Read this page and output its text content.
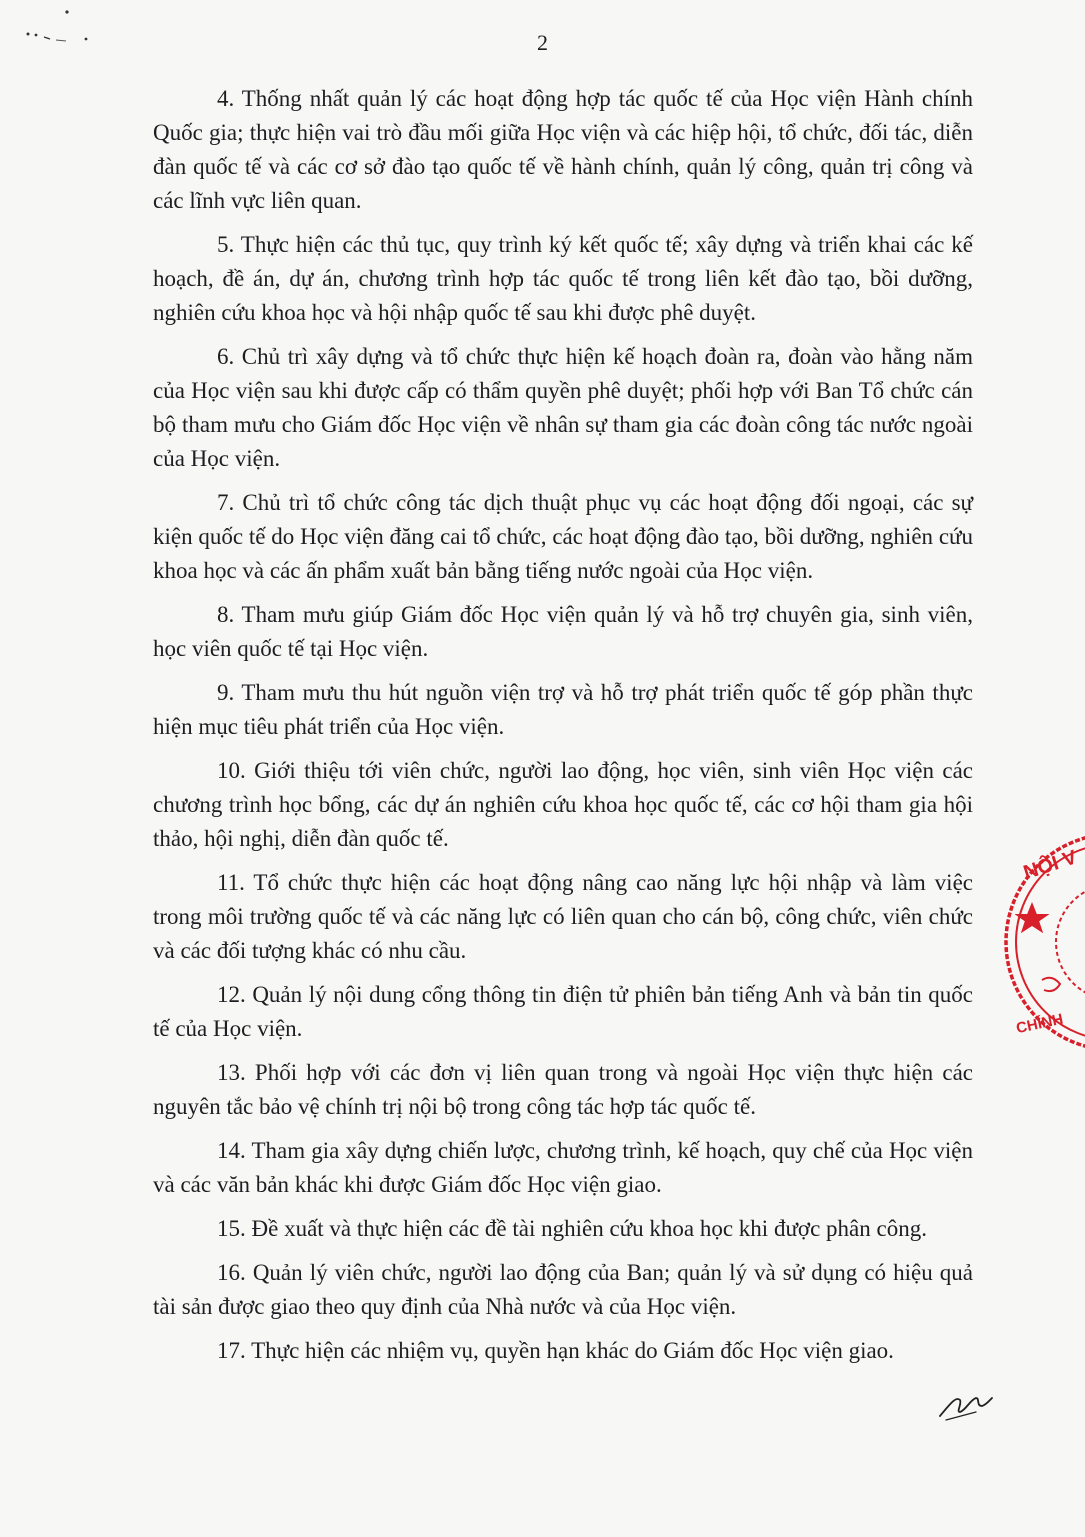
2

4. Thống nhất quản lý các hoạt động hợp tác quốc tế của Học viện Hành chính Quốc gia; thực hiện vai trò đầu mối giữa Học viện và các hiệp hội, tổ chức, đối tác, diễn đàn quốc tế và các cơ sở đào tạo quốc tế về hành chính, quản lý công, quản trị công và các lĩnh vực liên quan.

5. Thực hiện các thủ tục, quy trình ký kết quốc tế; xây dựng và triển khai các kế hoạch, đề án, dự án, chương trình hợp tác quốc tế trong liên kết đào tạo, bồi dưỡng, nghiên cứu khoa học và hội nhập quốc tế sau khi được phê duyệt.

6. Chủ trì xây dựng và tổ chức thực hiện kế hoạch đoàn ra, đoàn vào hằng năm của Học viện sau khi được cấp có thẩm quyền phê duyệt; phối hợp với Ban Tổ chức cán bộ tham mưu cho Giám đốc Học viện về nhân sự tham gia các đoàn công tác nước ngoài của Học viện.

7. Chủ trì tổ chức công tác dịch thuật phục vụ các hoạt động đối ngoại, các sự kiện quốc tế do Học viện đăng cai tổ chức, các hoạt động đào tạo, bồi dưỡng, nghiên cứu khoa học và các ấn phẩm xuất bản bằng tiếng nước ngoài của Học viện.

8. Tham mưu giúp Giám đốc Học viện quản lý và hỗ trợ chuyên gia, sinh viên, học viên quốc tế tại Học viện.

9. Tham mưu thu hút nguồn viện trợ và hỗ trợ phát triển quốc tế góp phần thực hiện mục tiêu phát triển của Học viện.

10. Giới thiệu tới viên chức, người lao động, học viên, sinh viên Học viện các chương trình học bổng, các dự án nghiên cứu khoa học quốc tế, các cơ hội tham gia hội thảo, hội nghị, diễn đàn quốc tế.

11. Tổ chức thực hiện các hoạt động nâng cao năng lực hội nhập và làm việc trong môi trường quốc tế và các năng lực có liên quan cho cán bộ, công chức, viên chức và các đối tượng khác có nhu cầu.

12. Quản lý nội dung cổng thông tin điện tử phiên bản tiếng Anh và bản tin quốc tế của Học viện.

13. Phối hợp với các đơn vị liên quan trong và ngoài Học viện thực hiện các nguyên tắc bảo vệ chính trị nội bộ trong công tác hợp tác quốc tế.

14. Tham gia xây dựng chiến lược, chương trình, kế hoạch, quy chế của Học viện và các văn bản khác khi được Giám đốc Học viện giao.

15. Đề xuất và thực hiện các đề tài nghiên cứu khoa học khi được phân công.

16. Quản lý viên chức, người lao động của Ban; quản lý và sử dụng có hiệu quả tài sản được giao theo quy định của Nhà nước và của Học viện.

17. Thực hiện các nhiệm vụ, quyền hạn khác do Giám đốc Học viện giao.

NỘI V
CHÍNH
